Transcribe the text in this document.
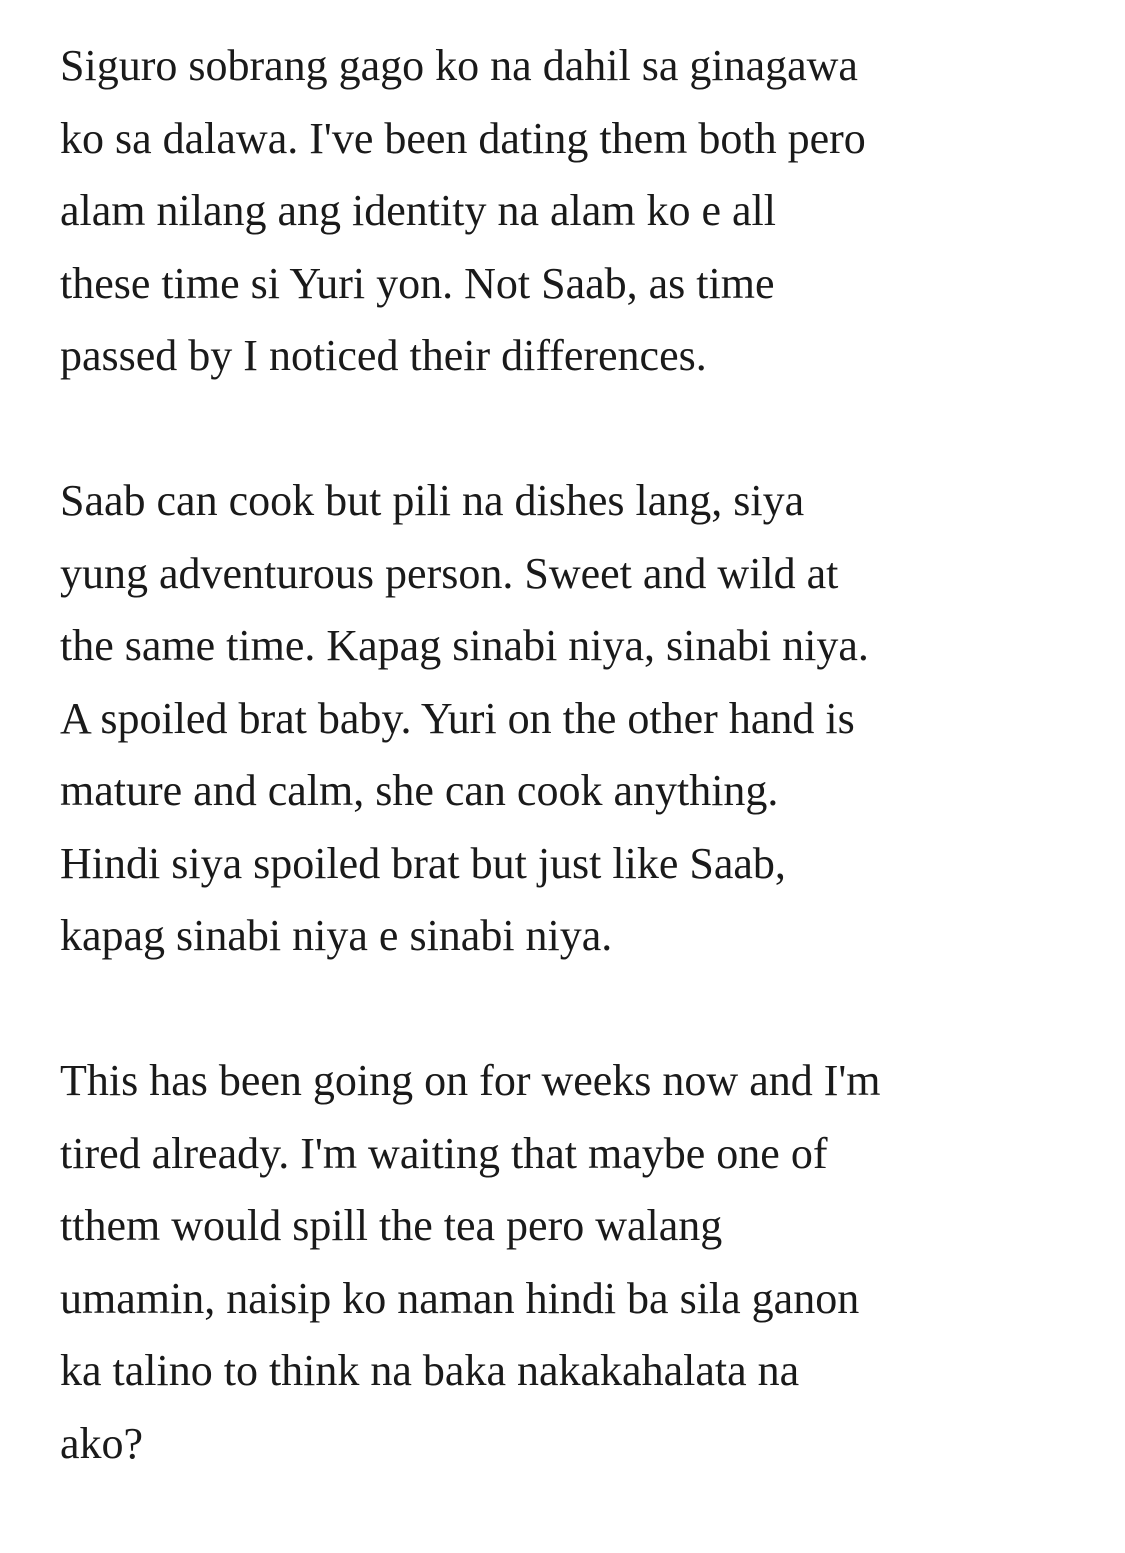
Siguro sobrang gago ko na dahil sa ginagawa
ko sa dalawa. I've been dating them both pero
alam nilang ang identity na alam ko e all
these time si Yuri yon. Not Saab, as time
passed by I noticed their differences.

Saab can cook but pili na dishes lang, siya
yung adventurous person. Sweet and wild at
the same time. Kapag sinabi niya, sinabi niya.
A spoiled brat baby. Yuri on the other hand is
mature and calm, she can cook anything.
Hindi siya spoiled brat but just like Saab,
kapag sinabi niya e sinabi niya.

This has been going on for weeks now and I'm
tired already. I'm waiting that maybe one of
tthem would spill the tea pero walang
umamin, naisip ko naman hindi ba sila ganon
ka talino to think na baka nakakahalata na
ako?
